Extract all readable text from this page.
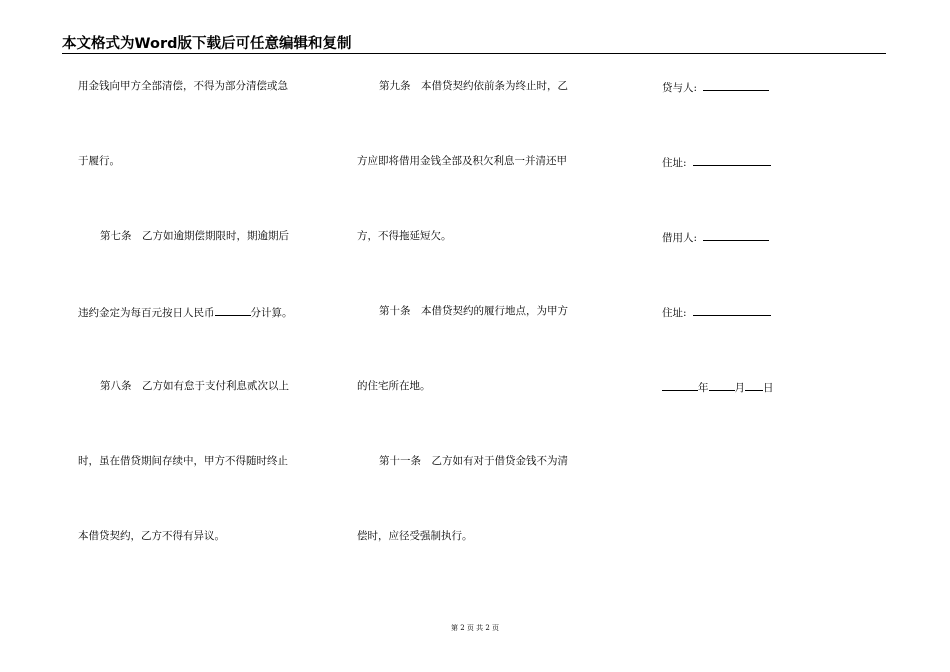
本文格式为Word版下载后可任意编辑和复制
用金钱向甲方全部清偿，不得为部分清偿或急
于履行。
第七条　乙方如逾期偿期限时，期逾期后
违约金定为每百元按日人民币	分计算。
第八条　乙方如有怠于支付利息贰次以上
时，虽在借贷期间存续中，甲方不得随时终止
本借贷契约，乙方不得有异议。
第九条　本借贷契约依前条为终止时，乙
方应即将借用金钱全部及积欠利息一并清还甲
方，不得拖延短欠。
第十条　本借贷契约的履行地点，为甲方
的住宅所在地。
第十一条　乙方如有对于借贷金钱不为清
偿时，应径受强制执行。
贷与人:
住址:
借用人:
住址:
年 月 日
第 2 页 共 2 页
